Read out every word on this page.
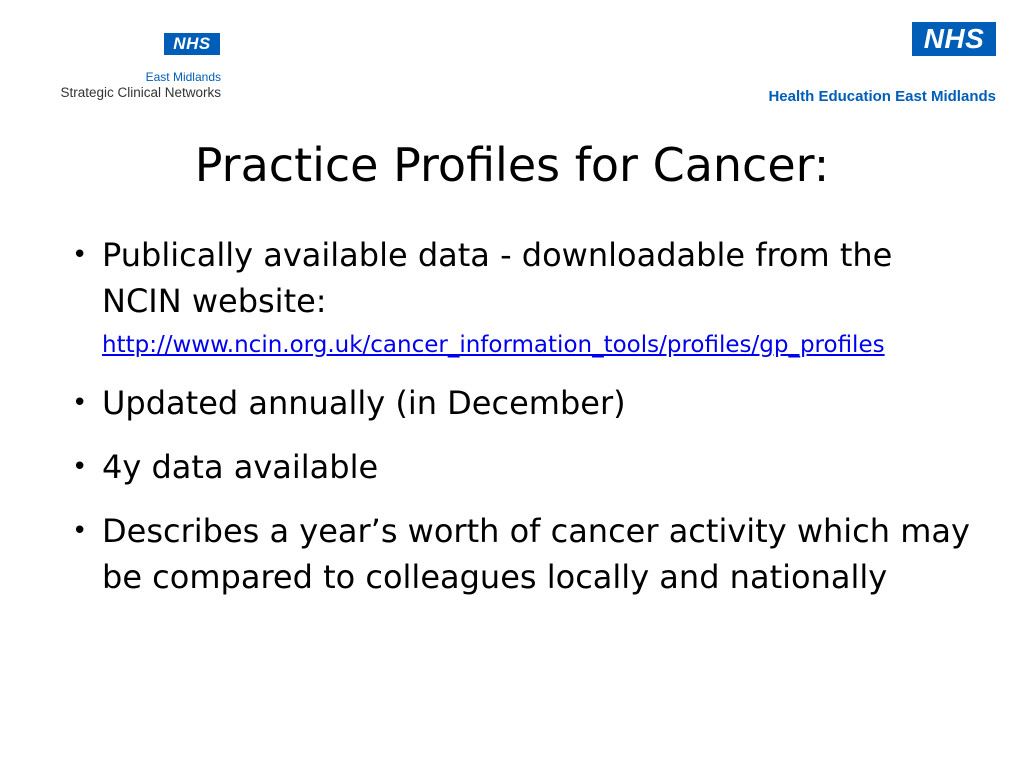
NHS
East Midlands
Strategic Clinical Networks
NHS
Health Education East Midlands
Practice Profiles for Cancer:
• Publically available data - downloadable from the NCIN website:
http://www.ncin.org.uk/cancer_information_tools/profiles/gp_profiles
• Updated annually (in December)
• 4y data available
• Describes a year’s worth of cancer activity which may be compared to colleagues locally and nationally
